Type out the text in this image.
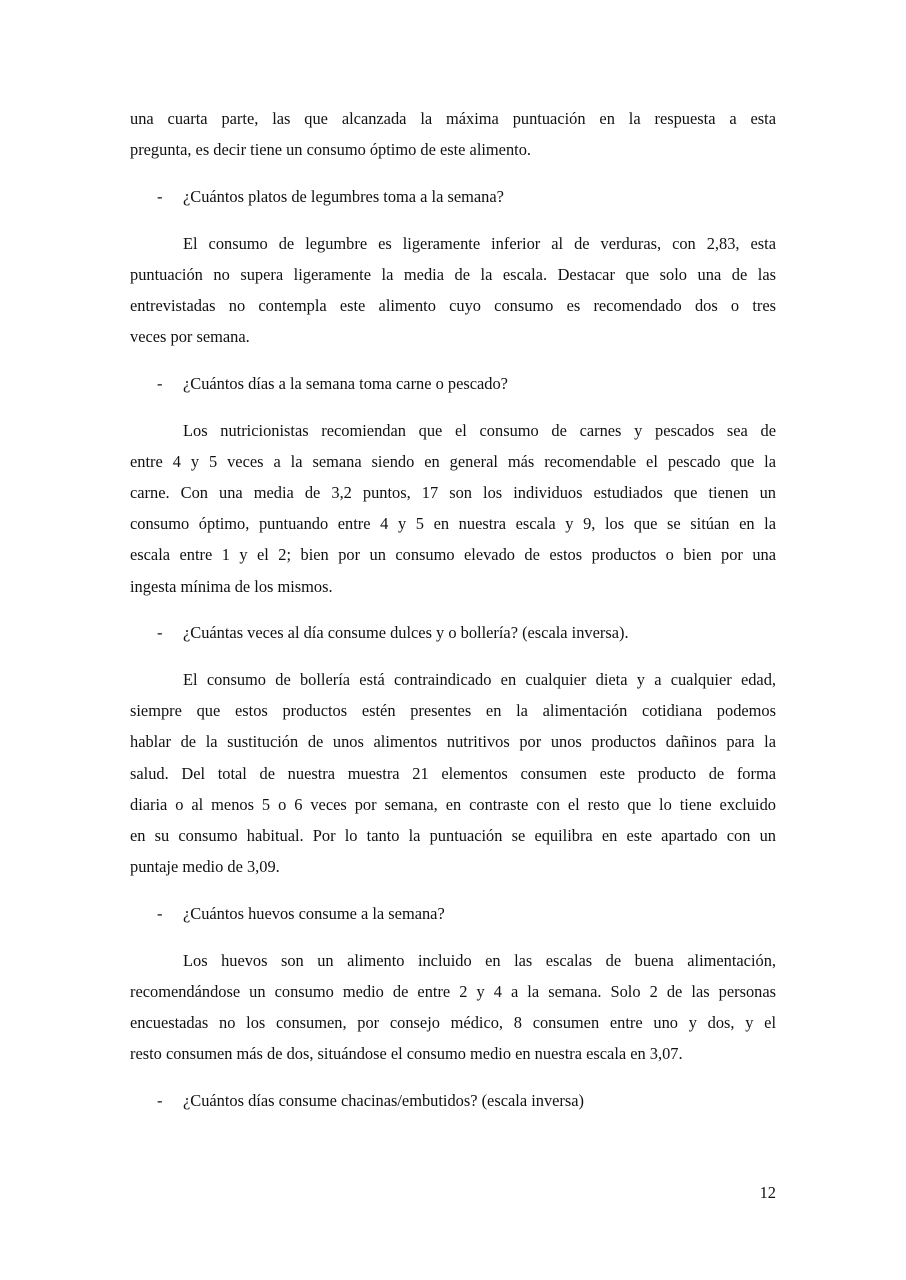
una cuarta parte, las que alcanzada la máxima puntuación en la respuesta a esta
pregunta, es decir tiene un consumo óptimo de este alimento.
- ¿Cuántos platos de legumbres toma a la semana?
El consumo de legumbre es ligeramente inferior al de verduras, con 2,83, esta
puntuación no supera ligeramente la media de la escala. Destacar que solo una de las
entrevistadas no contempla este alimento cuyo consumo es recomendado dos o tres
veces por semana.
- ¿Cuántos días a la semana toma carne o pescado?
Los nutricionistas recomiendan que el consumo de carnes y pescados sea de
entre 4 y 5 veces a la semana siendo en general más recomendable el pescado que la
carne. Con una media de 3,2 puntos, 17 son los individuos estudiados que tienen un
consumo óptimo, puntuando entre 4 y 5 en nuestra escala y 9, los que se sitúan en la
escala entre 1 y el 2; bien por un consumo elevado de estos productos o bien por una
ingesta mínima de los mismos.
- ¿Cuántas veces al día consume dulces y o bollería? (escala inversa).
El consumo de bollería está contraindicado en cualquier dieta y a cualquier edad,
siempre que estos productos estén presentes en la alimentación cotidiana podemos
hablar de la sustitución de unos alimentos nutritivos por unos productos dañinos para la
salud. Del total de nuestra muestra 21 elementos consumen este producto de forma
diaria o al menos 5 o 6 veces por semana, en contraste con el resto que lo tiene excluido
en su consumo habitual. Por lo tanto la puntuación se equilibra en este apartado con un
puntaje medio de 3,09.
- ¿Cuántos huevos consume a la semana?
Los huevos son un alimento incluido en las escalas de buena alimentación,
recomendándose un consumo medio de entre 2 y 4 a la semana. Solo 2 de las personas
encuestadas no los consumen, por consejo médico, 8 consumen entre uno y dos, y el
resto consumen más de dos, situándose el consumo medio en nuestra escala en 3,07.
- ¿Cuántos días consume chacinas/embutidos? (escala inversa)
12
